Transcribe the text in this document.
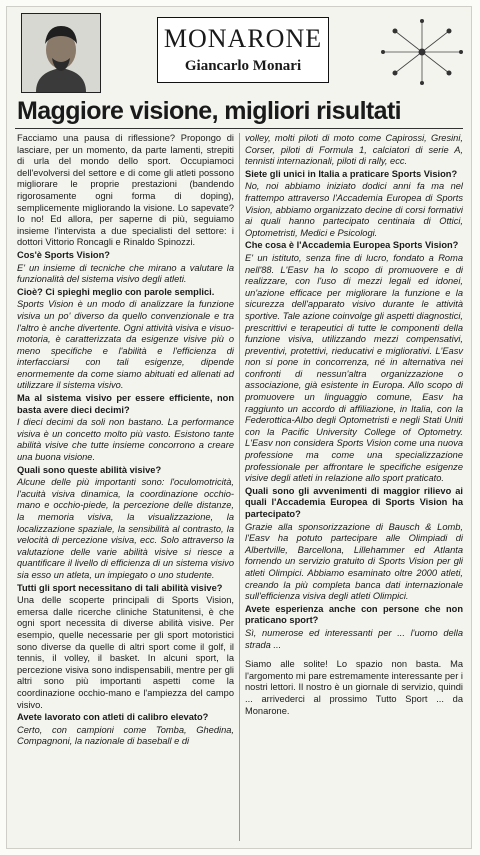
MONARONE
Giancarlo Monari
Maggiore visione, migliori risultati

Facciamo una pausa di riflessione? Propongo di lasciare, per un momento, da parte lamenti, strepiti di urla del mondo dello sport. Occupiamoci dell'evolversi del settore e di come gli atleti possono migliorare le proprie prestazioni (bandendo rigorosamente ogni forma di doping), semplicemente migliorando la visione. Lo sapevate? Io no! Ed allora, per saperne di più, seguiamo insieme l'intervista a due specialisti del settore: i dottori Vittorio Roncagli e Rinaldo Spinozzi.

Cos'è Sports Vision?

E' un insieme di tecniche che mirano a valutare la funzionalità del sistema visivo degli atleti.

Cioè? Ci spieghi meglio con parole semplici.

Sports Vision è un modo di analizzare la funzione visiva un po' diverso da quello convenzionale e tra l'altro è anche divertente. Ogni attività visiva e visuo-motoria, è caratterizzata da esigenze visive più o meno specifiche e l'abilità e l'efficienza di interfacciarsi con tali esigenze, dipende enormemente da come siamo abituati ed allenati ad utilizzare il sistema visivo.

Ma al sistema visivo per essere efficiente, non basta avere dieci decimi?

I dieci decimi da soli non bastano. La performance visiva è un concetto molto più vasto. Esistono tante abilità visive che tutte insieme concorrono a creare una buona visione.

Quali sono queste abilità visive?

Alcune delle più importanti sono: l'oculomotricità, l'acuità visiva dinamica, la coordinazione occhio-mano e occhio-piede, la percezione delle distanze, la memoria visiva, la visualizzazione, la localizzazione spaziale, la sensibilità al contrasto, la velocità di percezione visiva, ecc. Solo attraverso la valutazione delle varie abilità visive si riesce a quantificare il livello di efficienza di un sistema visivo sia esso un atleta, un impiegato o uno studente.

Tutti gli sport necessitano di tali abilità visive?

Una delle scoperte principali di Sports Vision, emersa dalle ricerche cliniche Statunitensi, è che ogni sport necessita di diverse abilità visive. Per esempio, quelle necessarie per gli sport motoristici sono diverse da quelle di altri sport come il golf, il tennis, il volley, il basket. In alcuni sport, la percezione visiva sono indispensabili, mentre per gli altri sono più importanti aspetti come la coordinazione occhio-mano e l'ampiezza del campo visivo.

Avete lavorato con atleti di calibro elevato?

Certo, con campioni come Tomba, Ghedina, Compagnoni, la nazionale di baseball e di

volley, molti piloti di moto come Capirossi, Gresini, Corser, piloti di Formula 1, calciatori di serie A, tennisti internazionali, piloti di rally, ecc.

Siete gli unici in Italia a praticare Sports Vision?

No, noi abbiamo iniziato dodici anni fa ma nel frattempo attraverso l'Accademia Europea di Sports Vision, abbiamo organizzato decine di corsi formativi ai quali hanno partecipato centinaia di Ottici, Optometristi, Medici e Psicologi.

Che cosa è l'Accademia Europea Sports Vision?

E' un istituto, senza fine di lucro, fondato a Roma nell'88. L'Easv ha lo scopo di promuovere e di realizzare, con l'uso di mezzi legali ed idonei, un'azione efficace per migliorare la funzione e la sicurezza dell'apparato visivo durante le attività sportive. Tale azione coinvolge gli aspetti diagnostici, prescrittivi e terapeutici di tutte le componenti della funzione visiva, utilizzando mezzi compensativi, preventivi, protettivi, rieducativi e migliorativi. L'Easv non si pone in concorrenza, né in alternativa nei confronti di nessun'altra organizzazione o associazione, già esistente in Europa. Allo scopo di promuovere un linguaggio comune, Easv ha raggiunto un accordo di affiliazione, in Italia, con la Federottica-Albo degli Optometristi e negli Stati Uniti con la Pacific University College of Optometry. L'Easv non considera Sports Vision come una nuova professione ma come una specializzazione professionale per affrontare le specifiche esigenze visive degli atleti in relazione allo sport praticato.

Quali sono gli avvenimenti di maggior rilievo ai quali l'Accademia Europea di Sports Vision ha partecipato?

Grazie alla sponsorizzazione di Bausch & Lomb, l'Easv ha potuto partecipare alle Olimpiadi di Albertville, Barcellona, Lillehammer ed Atlanta fornendo un servizio gratuito di Sports Vision per gli atleti Olimpici. Abbiamo esaminato oltre 2000 atleti, creando la più completa banca dati internazionale sull'efficienza visiva degli atleti Olimpici.

Avete esperienza anche con persone che non praticano sport?

Sì, numerose ed interessanti per ... l'uomo della strada ...

Siamo alle solite! Lo spazio non basta. Ma l'argomento mi pare estremamente interessante per i nostri lettori. Il nostro è un giornale di servizio, quindi ... arrivederci al prossimo Tutto Sport ... da Monarone.
